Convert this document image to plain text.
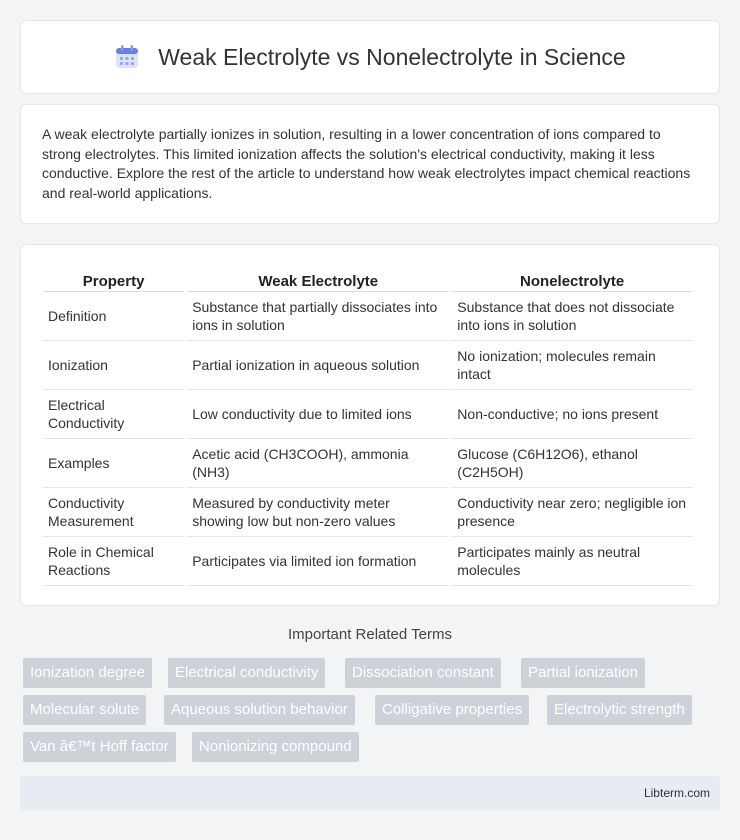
Weak Electrolyte vs Nonelectrolyte in Science

A weak electrolyte partially ionizes in solution, resulting in a lower concentration of ions compared to strong electrolytes. This limited ionization affects the solution's electrical conductivity, making it less conductive. Explore the rest of the article to understand how weak electrolytes impact chemical reactions and real-world applications.

Property	Weak Electrolyte	Nonelectrolyte
Definition	Substance that partially dissociates into ions in solution	Substance that does not dissociate into ions in solution
Ionization	Partial ionization in aqueous solution	No ionization; molecules remain intact
Electrical Conductivity	Low conductivity due to limited ions	Non-conductive; no ions present
Examples	Acetic acid (CH3COOH), ammonia (NH3)	Glucose (C6H12O6), ethanol (C2H5OH)
Conductivity Measurement	Measured by conductivity meter showing low but non-zero values	Conductivity near zero; negligible ion presence
Role in Chemical Reactions	Participates via limited ion formation	Participates mainly as neutral molecules
Important Related Terms
Ionization degree	Electrical conductivity	Dissociation constant	Partial ionization
Molecular solute	Aqueous solution behavior	Colligative properties	Electrolytic strength
Van â€™t Hoff factor	Nonionizing compound
Libterm.com
